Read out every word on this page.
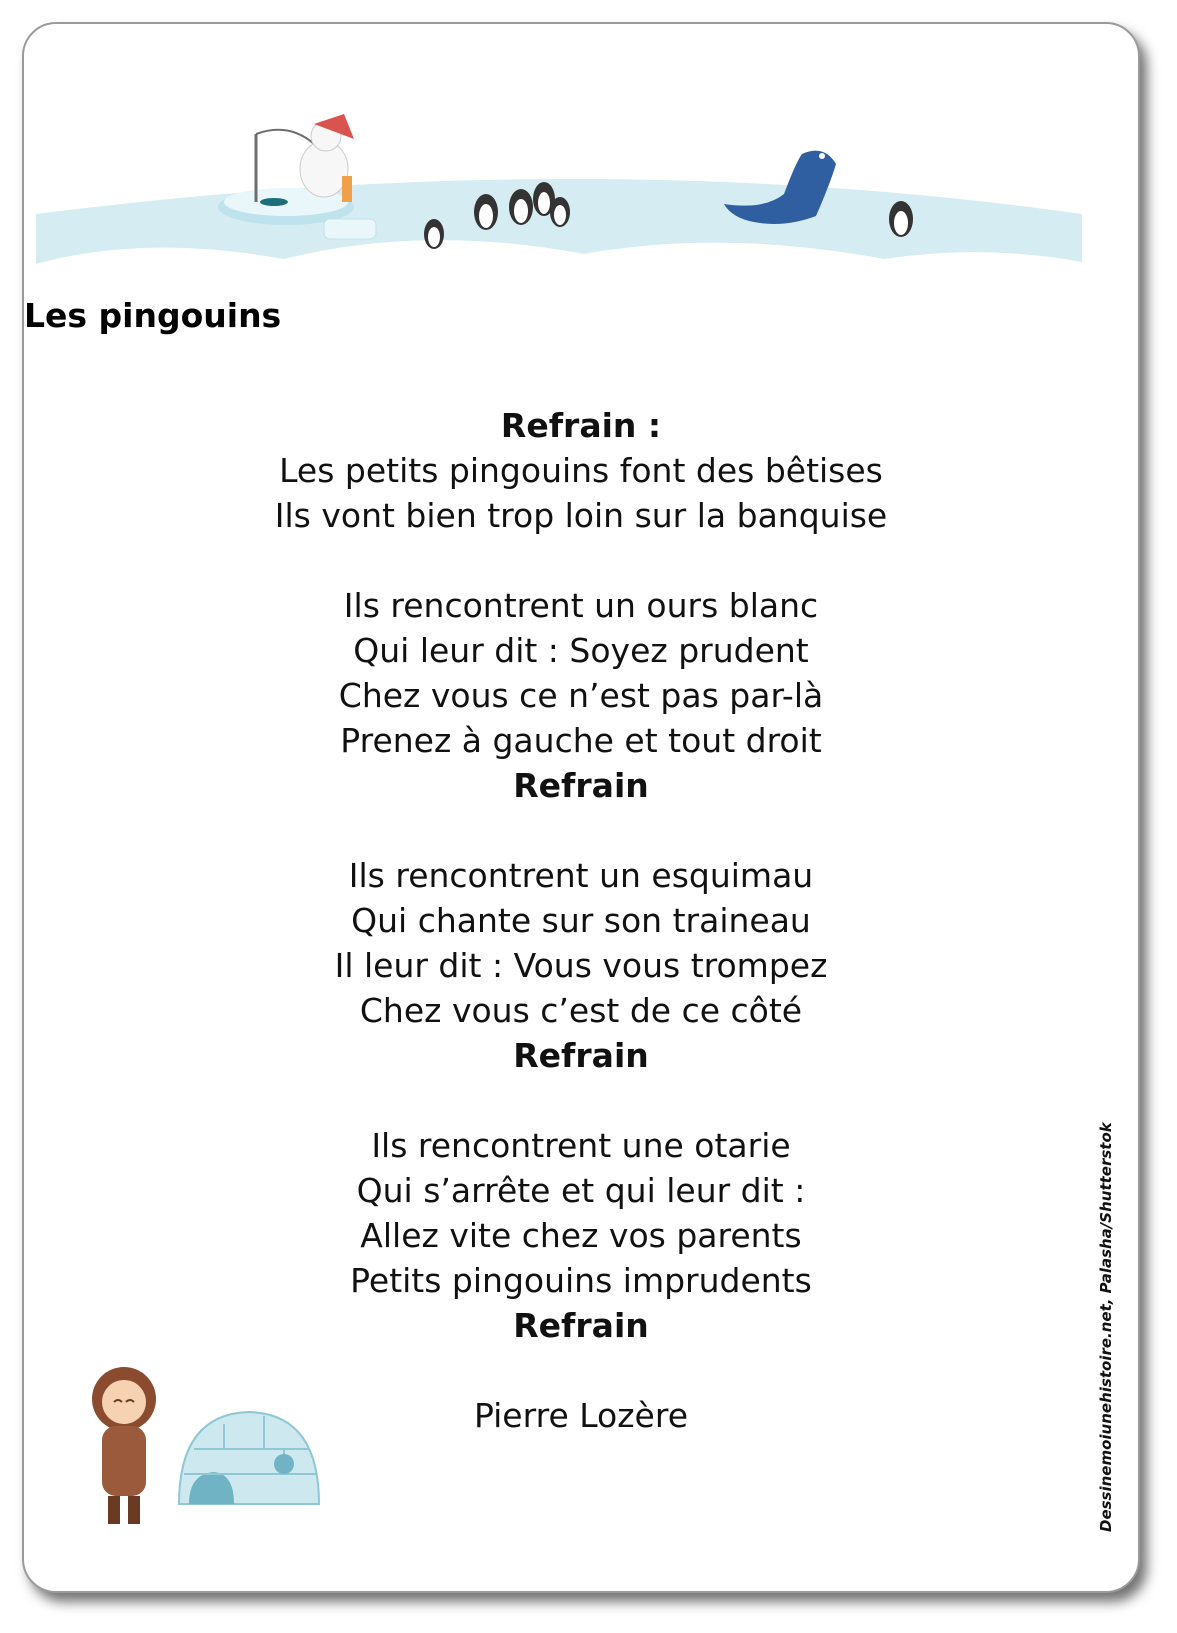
Les pingouins

Refrain :

Les petits pingouins font des bêtises

Ils vont bien trop loin sur la banquise

Ils rencontrent un ours blanc

Qui leur dit : Soyez prudent

Chez vous ce n’est pas par-là

Prenez à gauche et tout droit

Refrain

Ils rencontrent un esquimau

Qui chante sur son traineau

Il leur dit : Vous vous trompez

Chez vous c’est de ce côté

Refrain

Ils rencontrent une otarie

Qui s’arrête et qui leur dit :

Allez vite chez vos parents

Petits pingouins imprudents

Refrain

Pierre Lozère	Dessinemoiunehistoire.net, Palasha/Shutterstok
